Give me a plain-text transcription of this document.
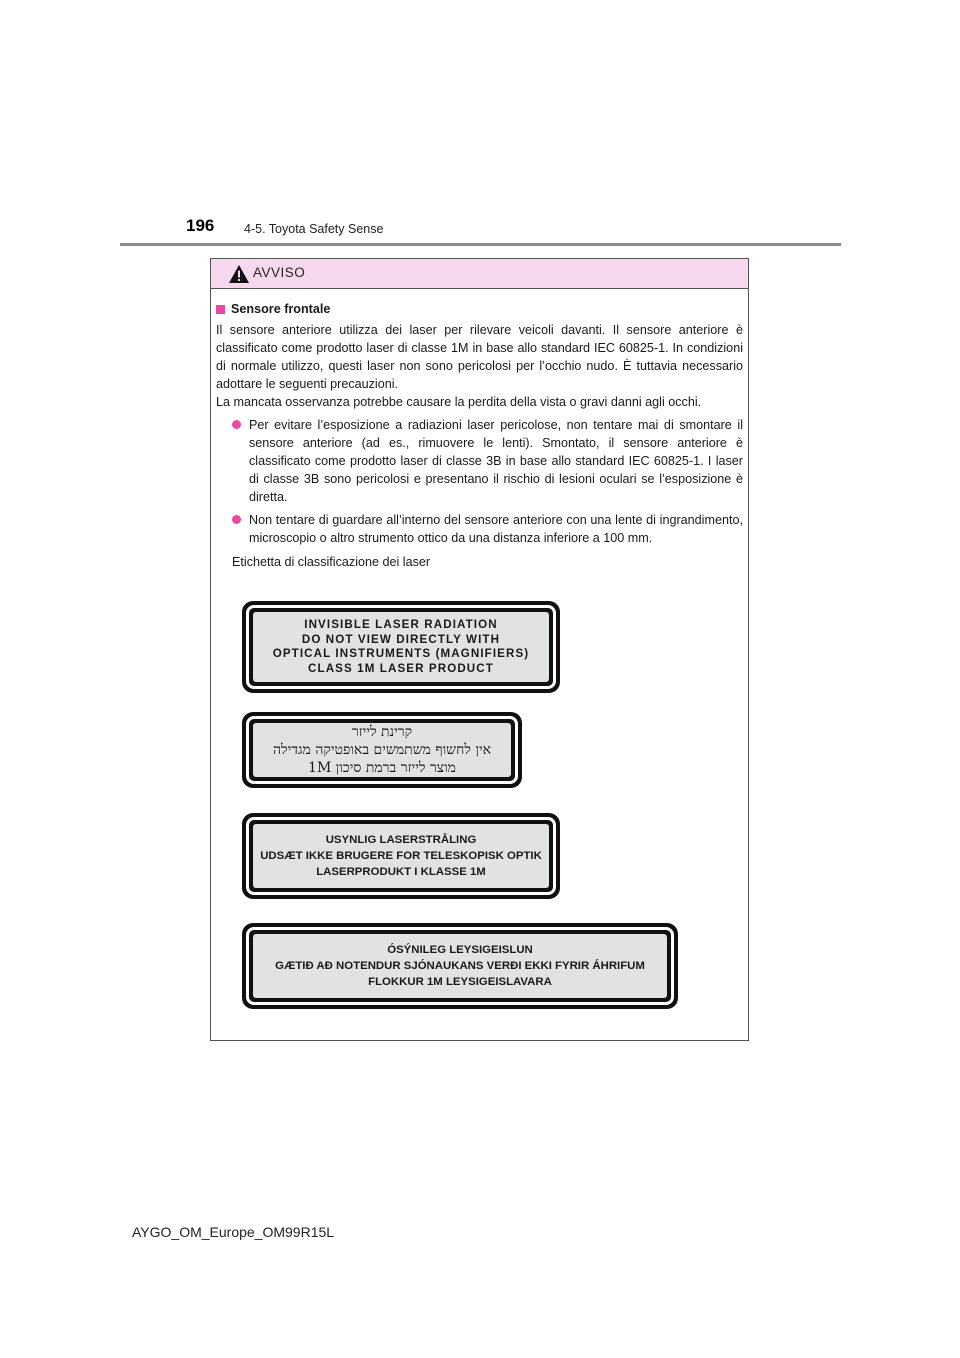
196 4-5. Toyota Safety Sense
AVVISO
Sensore frontale
Il sensore anteriore utilizza dei laser per rilevare veicoli davanti. Il sensore anteriore è classificato come prodotto laser di classe 1M in base allo standard IEC 60825-1. In condizioni di normale utilizzo, questi laser non sono pericolosi per l’occhio nudo. È tuttavia necessario adottare le seguenti precauzioni.
La mancata osservanza potrebbe causare la perdita della vista o gravi danni agli occhi.
Per evitare l’esposizione a radiazioni laser pericolose, non tentare mai di smontare il sensore anteriore (ad es., rimuovere le lenti). Smontato, il sensore anteriore è classificato come prodotto laser di classe 3B in base allo standard IEC 60825-1. I laser di classe 3B sono pericolosi e presentano il rischio di lesioni oculari se l’esposizione è diretta.
Non tentare di guardare all’interno del sensore anteriore con una lente di ingrandimento, microscopio o altro strumento ottico da una distanza inferiore a 100 mm.
Etichetta di classificazione dei laser
INVISIBLE LASER RADIATION
DO NOT VIEW DIRECTLY WITH
OPTICAL INSTRUMENTS (MAGNIFIERS)
CLASS 1M LASER PRODUCT
קרינת לייזר
אין לחשוף משתמשים באופטיקה מגדילה
מוצר לייזר ברמת סיכון 1M
USYNLIG LASERSTRÅLING
UDSÆT IKKE BRUGERE FOR TELESKOPISK OPTIK
LASERPRODUKT I KLASSE 1M
ÓSÝNILEG LEYSIGEISLUN
GÆTIÐ AÐ NOTENDUR SJÓNAUKANS VERÐI EKKI FYRIR ÁHRIFUM
FLOKKUR 1M LEYSIGEISLAVARA
AYGO_OM_Europe_OM99R15L
